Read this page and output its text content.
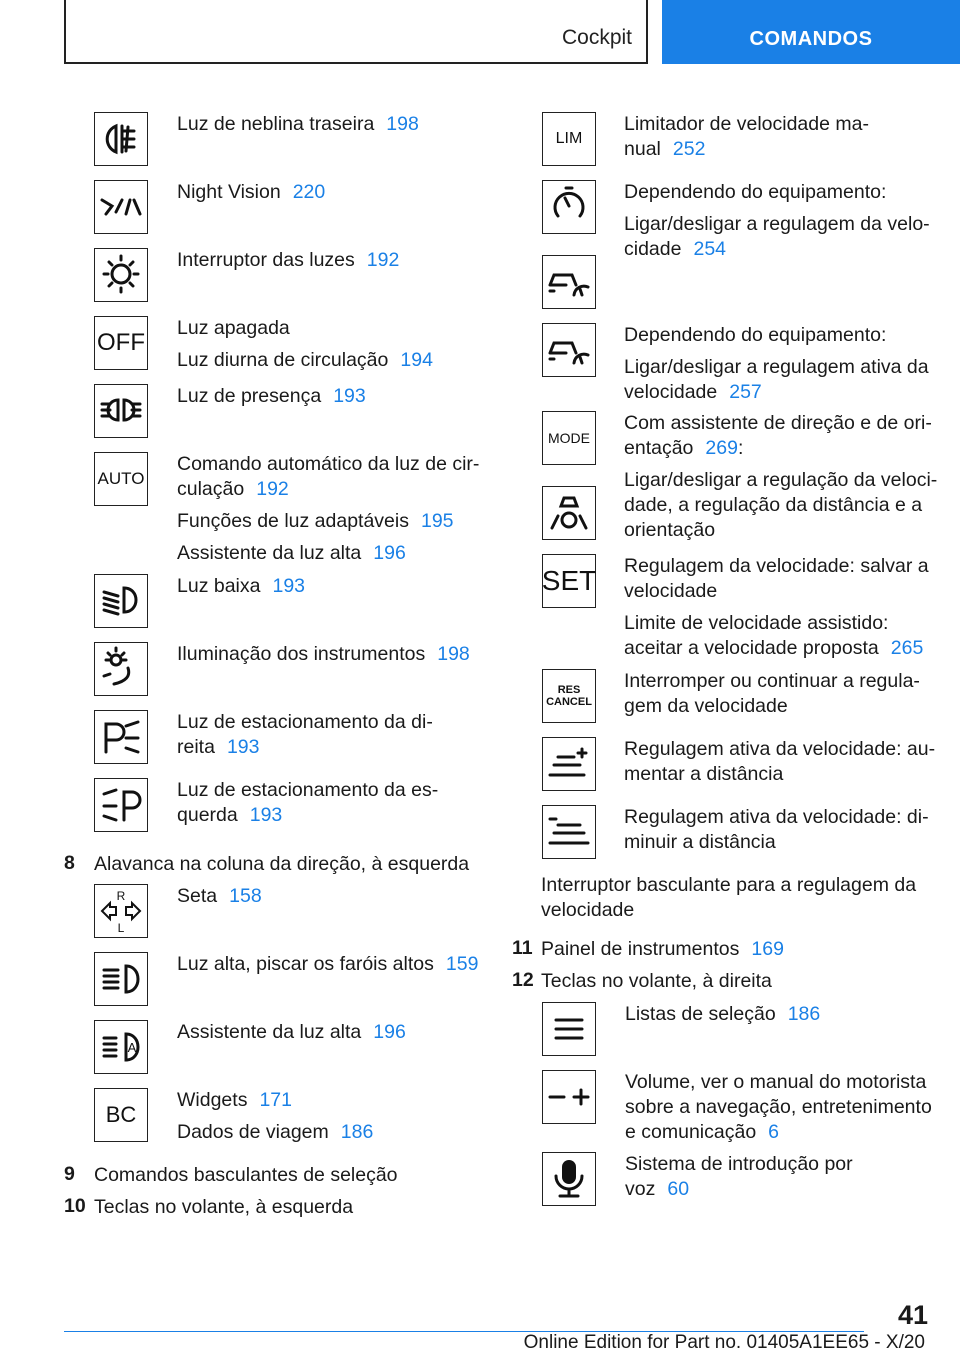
Cockpit	COMANDOS

Luz de neblina traseira 198

Night Vision 220

Interruptor das luzes 192

OFF

Luz apagada

Luz diurna de circulação 194

Luz de presença 193

AUTO

Comando automático da luz de cir-

culação 192

Funções de luz adaptáveis 195

Assistente da luz alta 196

Luz baixa 193

Iluminação dos instrumentos 198

Luz de estacionamento da di-

reita 193

Luz de estacionamento da es-

querda 193

8 Alavanca na coluna da direção, à esquerda
R
L

Seta 158

Luz alta, piscar os faróis altos 159

A

Assistente da luz alta 196

BC

Widgets 171

Dados de viagem 186

9 Comandos basculantes de seleção
10 Teclas no volante, à esquerda
LIM

Limitador de velocidade ma-

nual 252

Dependendo do equipamento:

Ligar/desligar a regulagem da velo-

cidade 254

Dependendo do equipamento:

Ligar/desligar a regulagem ativa da

velocidade 257

MODE

Com assistente de direção e de ori-

entação 269:

Ligar/desligar a regulação da veloci-

dade, a regulação da distância e a

orientação

SET Regulagem da velocidade: salvar a

velocidade

Limite de velocidade assistido:

aceitar a velocidade proposta 265

RES
CANCEL

Interromper ou continuar a regula-

gem da velocidade

Regulagem ativa da velocidade: au-

mentar a distância

Regulagem ativa da velocidade: di-

minuir a distância

Interruptor basculante para a regulagem da
velocidade
11 Painel de instrumentos 169
12 Teclas no volante, à direita

Listas de seleção 186

Volume, ver o manual do motorista

sobre a navegação, entretenimento

e comunicação 6

Sistema de introdução por

voz 60

41
Online Edition for Part no. 01405A1EE65 - X/20
